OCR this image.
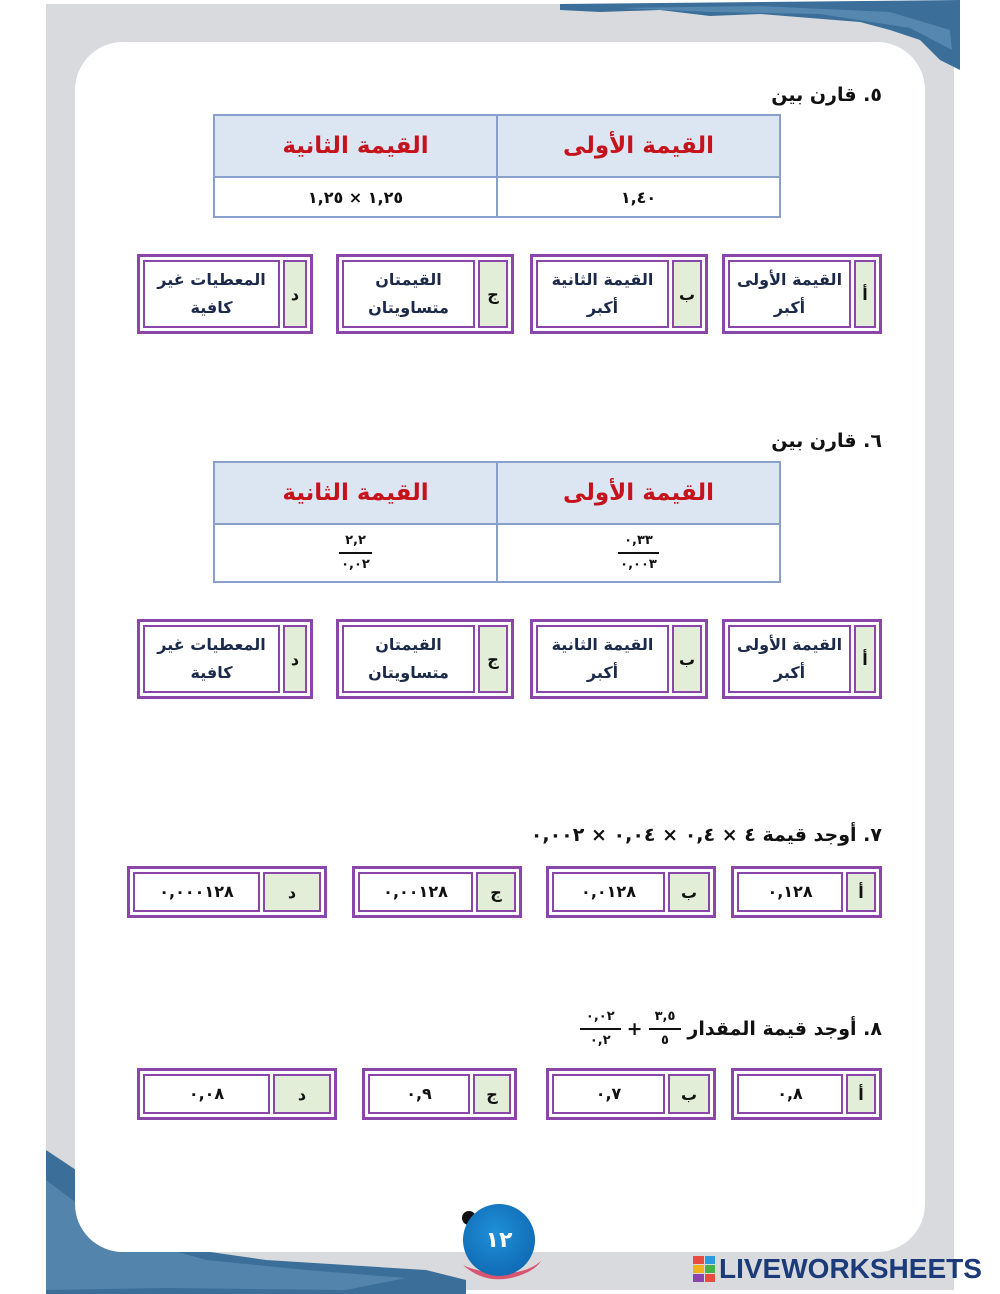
٥. قارن بين
القيمة الثانية	القيمة الأولى
١,٢٥ × ١,٢٥	١,٤٠
أ
القيمة الأولى
أكبر
ب
القيمة الثانية
أكبر
ج
القيمتان
متساويتان
د
المعطيات غير
كافية
٦. قارن بين
القيمة الثانية	القيمة الأولى

$\frac{٢,٢}{٠,٠٢}$	$\frac{٠,٣٣}{٠,٠٠٣}$
أ
القيمة الأولى
أكبر
ب
القيمة الثانية
أكبر
ج
القيمتان
متساويتان
د
المعطيات غير
كافية
٧. أوجد قيمة ٤ × ٠,٤ × ٠,٠٤ × ٠,٠٠٢
أ
٠,١٢٨
ب
٠,٠١٢٨
ج
٠,٠٠١٢٨
د
٠,٠٠٠١٢٨
٨. أوجد قيمة المقدار
$\frac{٣,٥}{٥}$
+
$\frac{٠,٠٢}{٠,٢}$
أ
٠,٨
ب
٠,٧
ج
٠,٩
د
٠,٠٨
١٢
LIVEWORKSHEETS
